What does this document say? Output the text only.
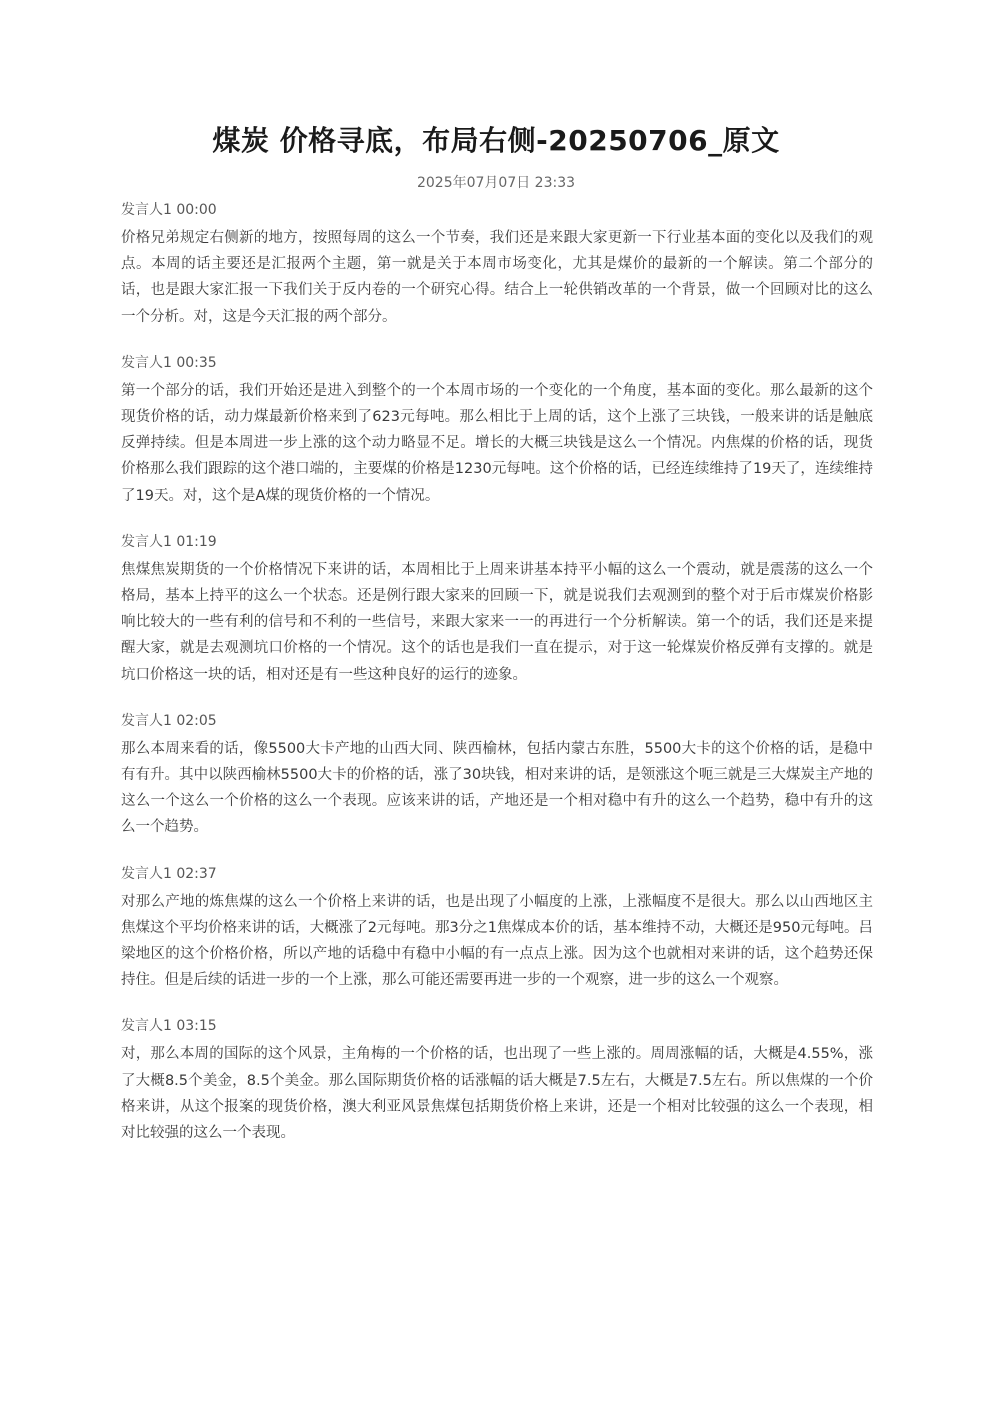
煤炭 价格寻底，布局右侧-20250706_原文
2025年07月07日 23:33
发言人1 00:00

价格兄弟规定右侧新的地方，按照每周的这么一个节奏，我们还是来跟大家更新一下行业基本面的变化以及我们的观点。本周的话主要还是汇报两个主题，第一就是关于本周市场变化，尤其是煤价的最新的一个解读。第二个部分的话，也是跟大家汇报一下我们关于反内卷的一个研究心得。结合上一轮供销改革的一个背景，做一个回顾对比的这么一个分析。对，这是今天汇报的两个部分。

发言人1 00:35

第一个部分的话，我们开始还是进入到整个的一个本周市场的一个变化的一个角度，基本面的变化。那么最新的这个现货价格的话，动力煤最新价格来到了623元每吨。那么相比于上周的话，这个上涨了三块钱，一般来讲的话是触底反弹持续。但是本周进一步上涨的这个动力略显不足。增长的大概三块钱是这么一个情况。内焦煤的价格的话，现货价格那么我们跟踪的这个港口端的，主要煤的价格是1230元每吨。这个价格的话，已经连续维持了19天了，连续维持了19天。对，这个是A煤的现货价格的一个情况。

发言人1 01:19

焦煤焦炭期货的一个价格情况下来讲的话，本周相比于上周来讲基本持平小幅的这么一个震动，就是震荡的这么一个格局，基本上持平的这么一个状态。还是例行跟大家来的回顾一下，就是说我们去观测到的整个对于后市煤炭价格影响比较大的一些有利的信号和不利的一些信号，来跟大家来一一的再进行一个分析解读。第一个的话，我们还是来提醒大家，就是去观测坑口价格的一个情况。这个的话也是我们一直在提示，对于这一轮煤炭价格反弹有支撑的。就是坑口价格这一块的话，相对还是有一些这种良好的运行的迹象。

发言人1 02:05

那么本周来看的话，像5500大卡产地的山西大同、陕西榆林，包括内蒙古东胜，5500大卡的这个价格的话，是稳中有有升。其中以陕西榆林5500大卡的价格的话，涨了30块钱，相对来讲的话，是领涨这个呃三就是三大煤炭主产地的这么一个这么一个价格的这么一个表现。应该来讲的话，产地还是一个相对稳中有升的这么一个趋势，稳中有升的这么一个趋势。

发言人1 02:37

对那么产地的炼焦煤的这么一个价格上来讲的话，也是出现了小幅度的上涨，上涨幅度不是很大。那么以山西地区主焦煤这个平均价格来讲的话，大概涨了2元每吨。那3分之1焦煤成本价的话，基本维持不动，大概还是950元每吨。吕梁地区的这个价格价格，所以产地的话稳中有稳中小幅的有一点点上涨。因为这个也就相对来讲的话，这个趋势还保持住。但是后续的话进一步的一个上涨，那么可能还需要再进一步的一个观察，进一步的这么一个观察。

发言人1 03:15

对，那么本周的国际的这个风景，主角梅的一个价格的话，也出现了一些上涨的。周周涨幅的话，大概是4.55%，涨了大概8.5个美金，8.5个美金。那么国际期货价格的话涨幅的话大概是7.5左右，大概是7.5左右。所以焦煤的一个价格来讲，从这个报案的现货价格，澳大利亚风景焦煤包括期货价格上来讲，还是一个相对比较强的这么一个表现，相对比较强的这么一个表现。
